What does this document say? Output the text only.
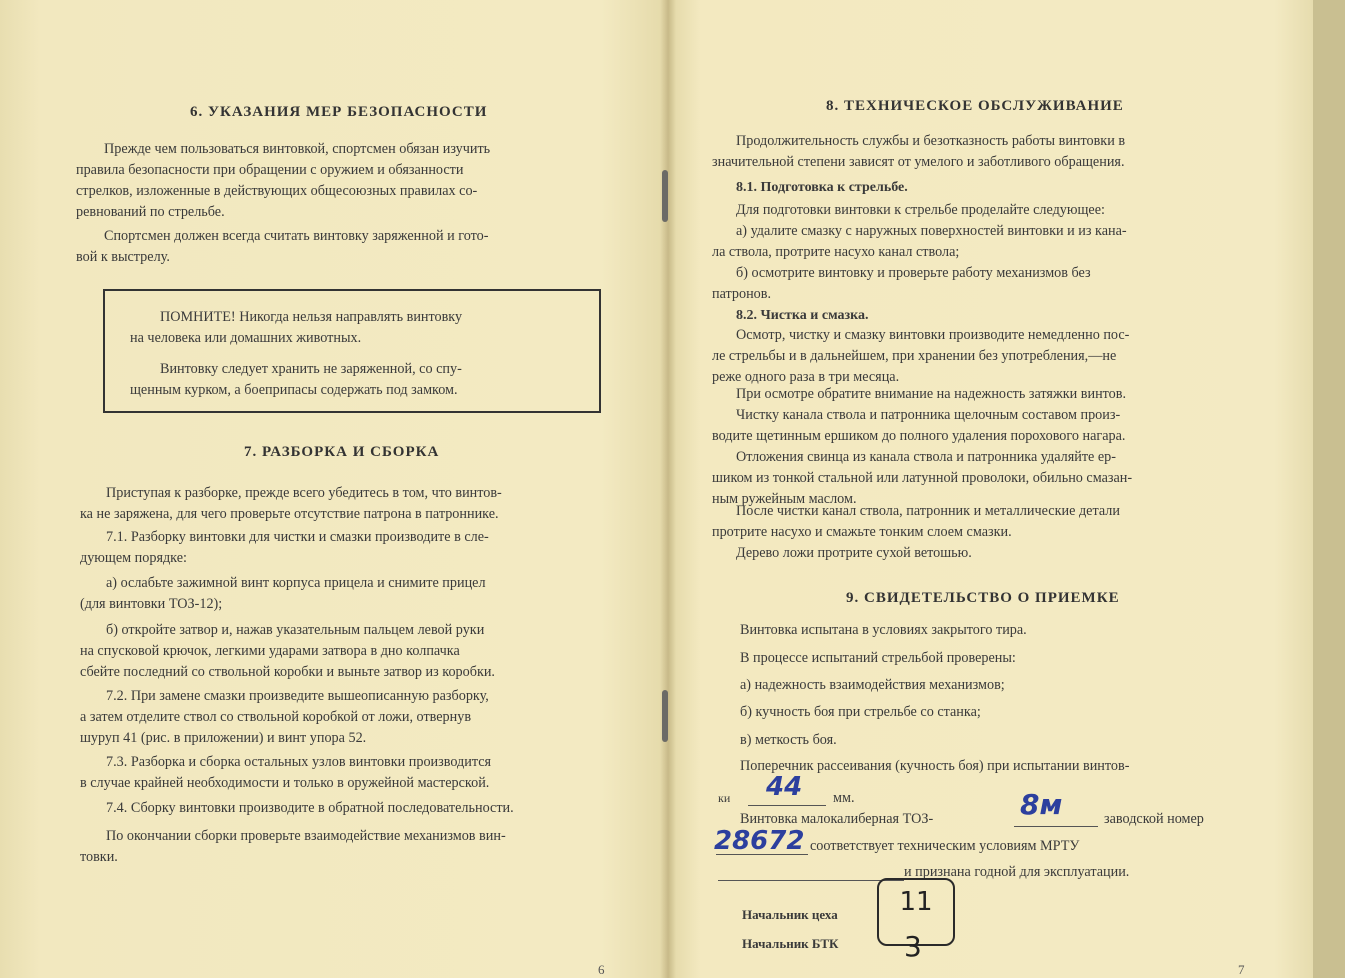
6. УКАЗАНИЯ МЕР БЕЗОПАСНОСТИ
Прежде чем пользоваться винтовкой, спортсмен обязан изучить
правила безопасности при обращении с оружием и обязанности
стрелков, изложенные в действующих общесоюзных правилах со-
ревнований по стрельбе.
Спортсмен должен всегда считать винтовку заряженной и гото-
вой к выстрелу.
ПОМНИТЕ! Никогда нельзя направлять винтовку
на человека или домашних животных.
Винтовку следует хранить не заряженной, со спу-
щенным курком, а боеприпасы содержать под замком.
7. РАЗБОРКА И СБОРКА
Приступая к разборке, прежде всего убедитесь в том, что винтов-
ка не заряжена, для чего проверьте отсутствие патрона в патроннике.
7.1. Разборку винтовки для чистки и смазки производите в сле-
дующем порядке:
а) ослабьте зажимной винт корпуса прицела и снимите прицел
(для винтовки ТОЗ-12);
б) откройте затвор и, нажав указательным пальцем левой руки
на спусковой крючок, легкими ударами затвора в дно колпачка
сбейте последний со ствольной коробки и выньте затвор из коробки.
7.2. При замене смазки произведите вышеописанную разборку,
а затем отделите ствол со ствольной коробкой от ложи, отвернув
шуруп 41 (рис. в приложении) и винт упора 52.
7.3. Разборка и сборка остальных узлов винтовки производится
в случае крайней необходимости и только в оружейной мастерской.
7.4. Сборку винтовки производите в обратной последовательности.
По окончании сборки проверьте взаимодействие механизмов вин-
товки.
6
8. ТЕХНИЧЕСКОЕ ОБСЛУЖИВАНИЕ
Продолжительность службы и безотказность работы винтовки в
значительной степени зависят от умелого и заботливого обращения.
8.1. Подготовка к стрельбе.
Для подготовки винтовки к стрельбе проделайте следующее:
а) удалите смазку с наружных поверхностей винтовки и из кана-
ла ствола, протрите насухо канал ствола;
б) осмотрите винтовку и проверьте работу механизмов без
патронов.
8.2. Чистка и смазка.
Осмотр, чистку и смазку винтовки производите немедленно пос-
ле стрельбы и в дальнейшем, при хранении без употребления,—не
реже одного раза в три месяца.
При осмотре обратите внимание на надежность затяжки винтов.
Чистку канала ствола и патронника щелочным составом произ-
водите щетинным ершиком до полного удаления порохового нагара.
Отложения свинца из канала ствола и патронника удаляйте ер-
шиком из тонкой стальной или латунной проволоки, обильно смазан-
ным ружейным маслом.
После чистки канал ствола, патронник и металлические детали
протрите насухо и смажьте тонким слоем смазки.
Дерево ложи протрите сухой ветошью.
9. СВИДЕТЕЛЬСТВО О ПРИЕМКЕ
Винтовка испытана в условиях закрытого тира.
В процессе испытаний стрельбой проверены:
а) надежность взаимодействия механизмов;
б) кучность боя при стрельбе со станка;
в) меткость боя.
Поперечник рассеивания (кучность боя) при испытании винтов-
ки 44 мм.
Винтовка малокалиберная ТОЗ-	8м	заводской номер
28672 соответствует техническим условиям МРТУ
и признана годной для эксплуатации.
Начальник цеха
Начальник БТК
7
11
3
